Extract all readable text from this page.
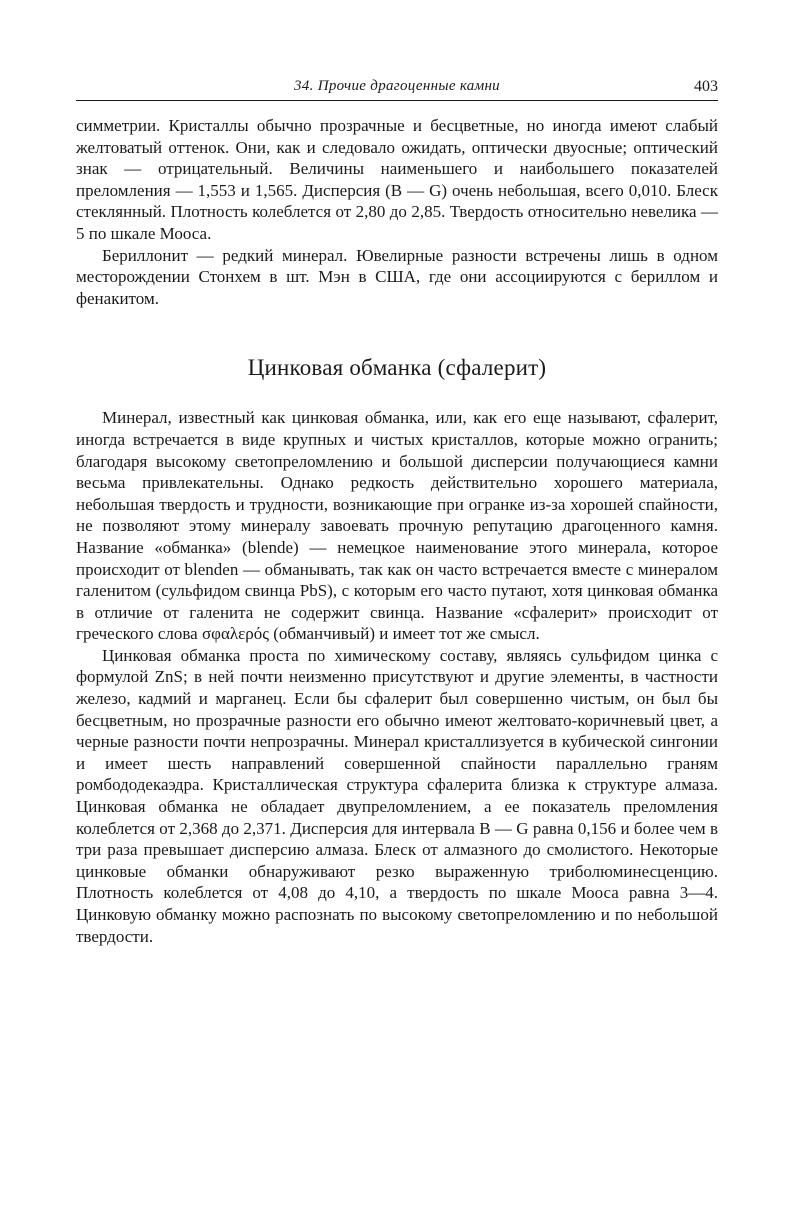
34. Прочие драгоценные камни	403

симметрии. Кристаллы обычно прозрачные и бесцветные, но иногда имеют слабый желтоватый оттенок. Они, как и следовало ожидать, оптически двуосные; оптический знак — отрицательный. Величины наименьшего и наибольшего показателей преломления — 1,553 и 1,565. Дисперсия (B — G) очень небольшая, всего 0,010. Блеск стеклянный. Плотность колеблется от 2,80 до 2,85. Твердость относительно невелика — 5 по шкале Мооса.

Бериллонит — редкий минерал. Ювелирные разности встречены лишь в одном месторождении Стонхем в шт. Мэн в США, где они ассоциируются с бериллом и фенакитом.

Цинковая обманка (сфалерит)

Минерал, известный как цинковая обманка, или, как его еще называют, сфалерит, иногда встречается в виде крупных и чистых кристаллов, которые можно огранить; благодаря высокому светопреломлению и большой дисперсии получающиеся камни весьма привлекательны. Однако редкость действительно хорошего материала, небольшая твердость и трудности, возникающие при огранке из-за хорошей спайности, не позволяют этому минералу завоевать прочную репутацию драгоценного камня. Название «обманка» (blende) — немецкое наименование этого минерала, которое происходит от blenden — обманывать, так как он часто встречается вместе с минералом галенитом (сульфидом свинца PbS), с которым его часто путают, хотя цинковая обманка в отличие от галенита не содержит свинца. Название «сфалерит» происходит от греческого слова σφαλερός (обманчивый) и имеет тот же смысл.

Цинковая обманка проста по химическому составу, являясь сульфидом цинка с формулой ZnS; в ней почти неизменно присутствуют и другие элементы, в частности железо, кадмий и марганец. Если бы сфалерит был совершенно чистым, он был бы бесцветным, но прозрачные разности его обычно имеют желтовато-коричневый цвет, а черные разности почти непрозрачны. Минерал кристаллизуется в кубической сингонии и имеет шесть направлений совершенной спайности параллельно граням ромбододекаэдра. Кристаллическая структура сфалерита близка к структуре алмаза. Цинковая обманка не обладает двупреломлением, а ее показатель преломления колеблется от 2,368 до 2,371. Дисперсия для интервала B — G равна 0,156 и более чем в три раза превышает дисперсию алмаза. Блеск от алмазного до смолистого. Некоторые цинковые обманки обнаруживают резко выраженную триболюминесценцию. Плотность колеблется от 4,08 до 4,10, а твердость по шкале Мооса равна 3—4. Цинковую обманку можно распознать по высокому светопреломлению и по небольшой твердости.
